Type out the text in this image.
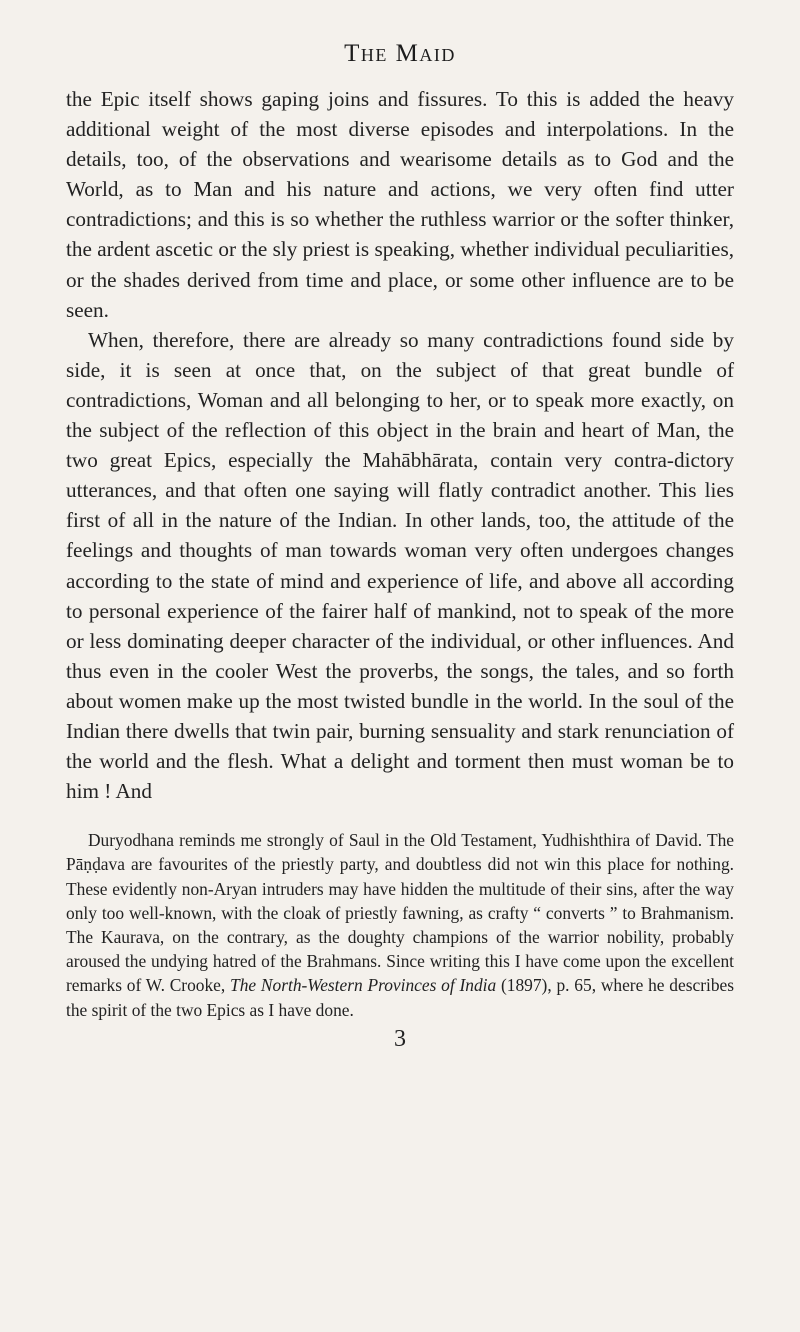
The Maid

the Epic itself shows gaping joins and fissures. To this is added the heavy additional weight of the most diverse episodes and interpolations. In the details, too, of the observations and wearisome details as to God and the World, as to Man and his nature and actions, we very often find utter contradictions; and this is so whether the ruthless warrior or the softer thinker, the ardent ascetic or the sly priest is speaking, whether individual peculiarities, or the shades derived from time and place, or some other influence are to be seen.

When, therefore, there are already so many contradictions found side by side, it is seen at once that, on the subject of that great bundle of contradictions, Woman and all belonging to her, or to speak more exactly, on the subject of the reflection of this object in the brain and heart of Man, the two great Epics, especially the Mahābhārata, contain very contra-dictory utterances, and that often one saying will flatly contradict another. This lies first of all in the nature of the Indian. In other lands, too, the attitude of the feelings and thoughts of man towards woman very often undergoes changes according to the state of mind and experience of life, and above all according to personal experience of the fairer half of mankind, not to speak of the more or less dominating deeper character of the individual, or other influences. And thus even in the cooler West the proverbs, the songs, the tales, and so forth about women make up the most twisted bundle in the world. In the soul of the Indian there dwells that twin pair, burning sensuality and stark renunciation of the world and the flesh. What a delight and torment then must woman be to him ! And

Duryodhana reminds me strongly of Saul in the Old Testament, Yudhishthira of David. The Pāṇḍava are favourites of the priestly party, and doubtless did not win this place for nothing. These evidently non-Aryan intruders may have hidden the multitude of their sins, after the way only too well-known, with the cloak of priestly fawning, as crafty “ converts ” to Brahmanism. The Kaurava, on the contrary, as the doughty champions of the warrior nobility, probably aroused the undying hatred of the Brahmans. Since writing this I have come upon the excellent remarks of W. Crooke, The North-Western Provinces of India (1897), p. 65, where he describes the spirit of the two Epics as I have done.

3
